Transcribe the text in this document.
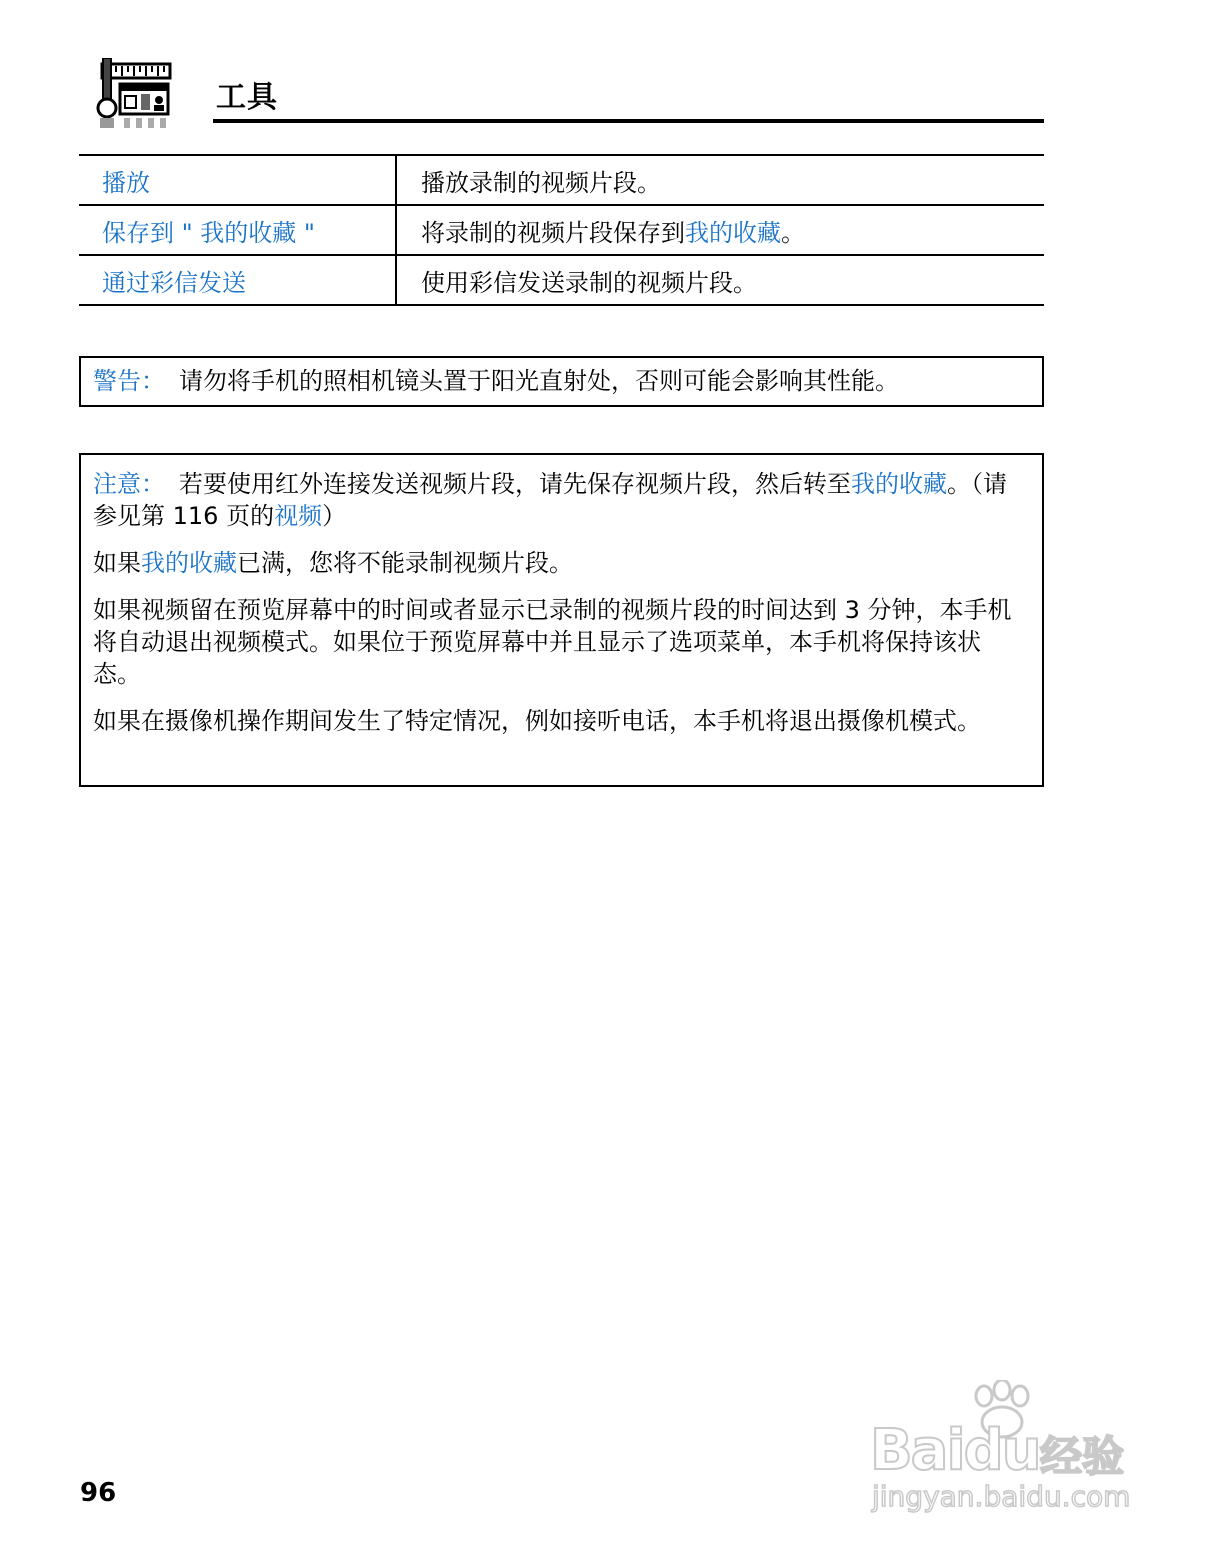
工具
播放	播放录制的视频片段。
保存到 " 我的收藏 "	将录制的视频片段保存到我的收藏。
通过彩信发送	使用彩信发送录制的视频片段。
警告： 请勿将手机的照相机镜头置于阳光直射处，否则可能会影响其性能。

注意： 若要使用红外连接发送视频片段，请先保存视频片段，然后转至我的收藏。（请参见第 116 页的视频）

如果我的收藏已满，您将不能录制视频片段。

如果视频留在预览屏幕中的时间或者显示已录制的视频片段的时间达到 3 分钟，本手机将自动退出视频模式。如果位于预览屏幕中并且显示了选项菜单，本手机将保持该状态。

如果在摄像机操作期间发生了特定情况，例如接听电话，本手机将退出摄像机模式。

96
Baidu 经验
jingyan.baidu.com
